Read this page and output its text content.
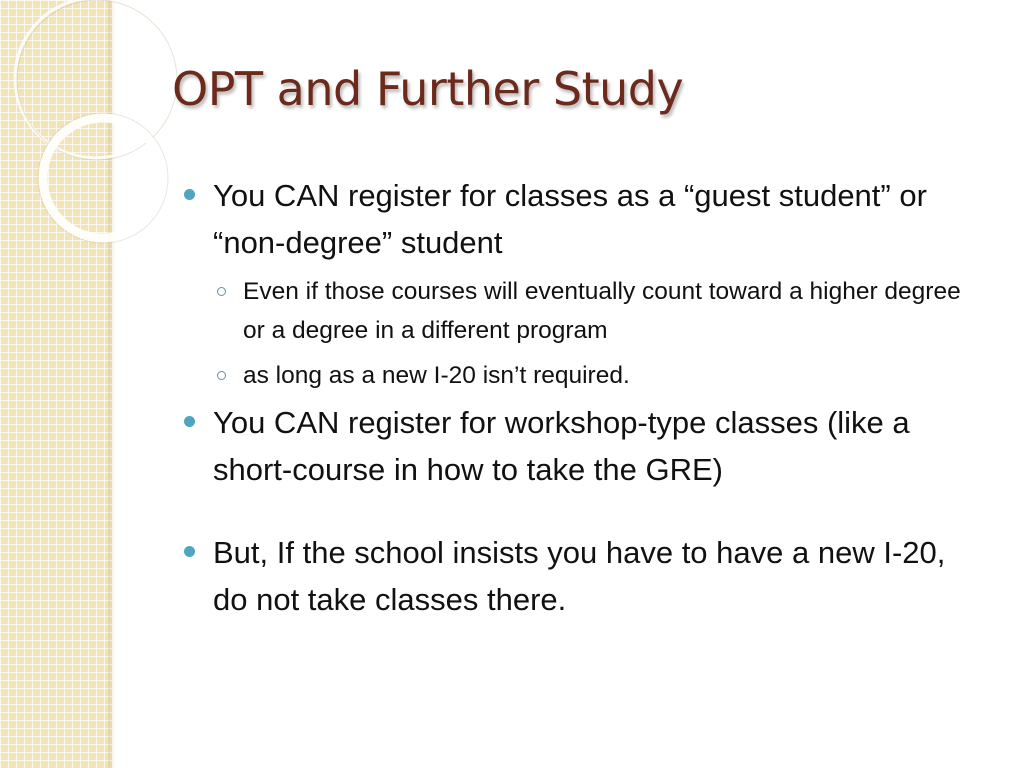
OPT and Further Study
You CAN register for classes as a “guest student” or “non-degree” student
Even if those courses will eventually count toward a higher degree or a degree in a different program
as long as a new I-20 isn’t required.
You CAN register for workshop-type classes (like a short-course in how to take the GRE)
But, If the school insists you have to have a new I-20, do not take classes there.
